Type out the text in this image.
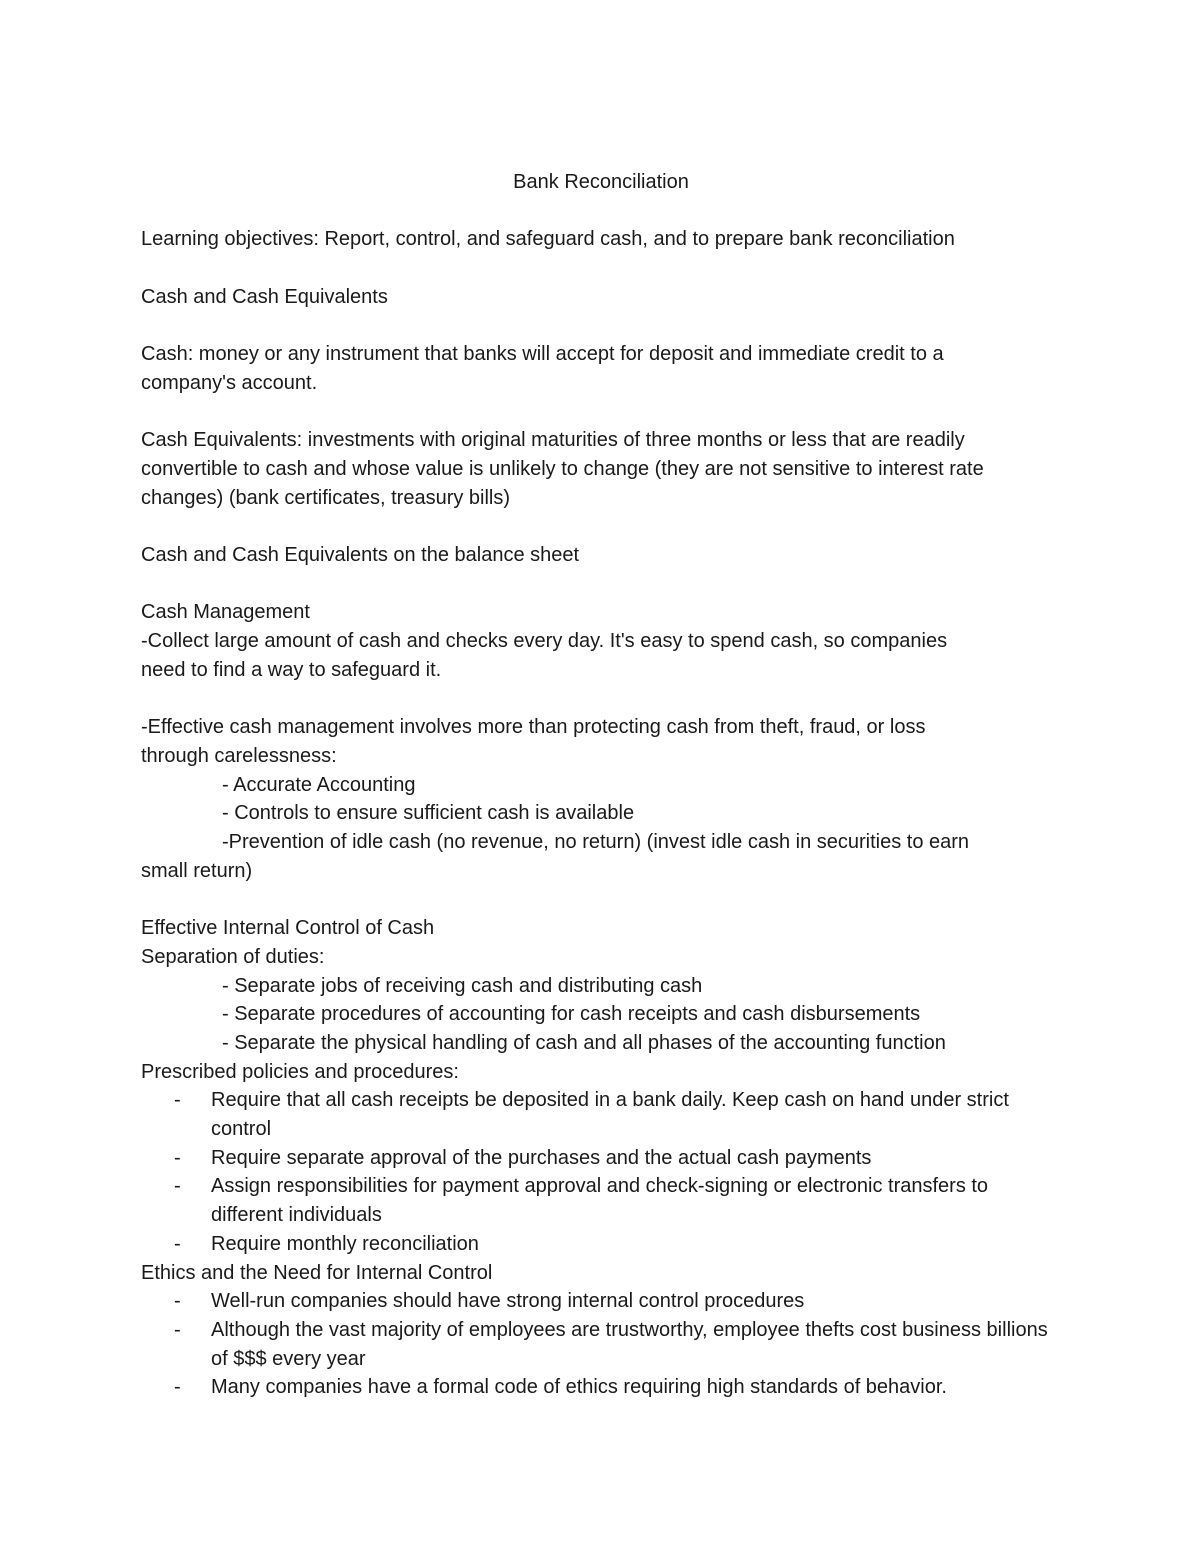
Bank Reconciliation
Learning objectives: Report, control, and safeguard cash, and to prepare bank reconciliation
Cash and Cash Equivalents
Cash: money or any instrument that banks will accept for deposit and immediate credit to a
company's account.
Cash Equivalents: investments with original maturities of three months or less that are readily
convertible to cash and whose value is unlikely to change (they are not sensitive to interest rate
changes) (bank certificates, treasury bills)
Cash and Cash Equivalents on the balance sheet
Cash Management
-Collect large amount of cash and checks every day. It's easy to spend cash, so companies
need to find a way to safeguard it.
-Effective cash management involves more than protecting cash from theft, fraud, or loss
through carelessness:
- Accurate Accounting
- Controls to ensure sufficient cash is available
-Prevention of idle cash (no revenue, no return) (invest idle cash in securities to earn
small return)
Effective Internal Control of Cash
Separation of duties:
- Separate jobs of receiving cash and distributing cash
- Separate procedures of accounting for cash receipts and cash disbursements
- Separate the physical handling of cash and all phases of the accounting function
Prescribed policies and procedures:
-	Require that all cash receipts be deposited in a bank daily. Keep cash on hand under strict control
-	Require separate approval of the purchases and the actual cash payments
-	Assign responsibilities for payment approval and check-signing or electronic transfers to different individuals
-	Require monthly reconciliation
Ethics and the Need for Internal Control
-	Well-run companies should have strong internal control procedures
-	Although the vast majority of employees are trustworthy, employee thefts cost business billions of $$$ every year
-	Many companies have a formal code of ethics requiring high standards of behavior.
